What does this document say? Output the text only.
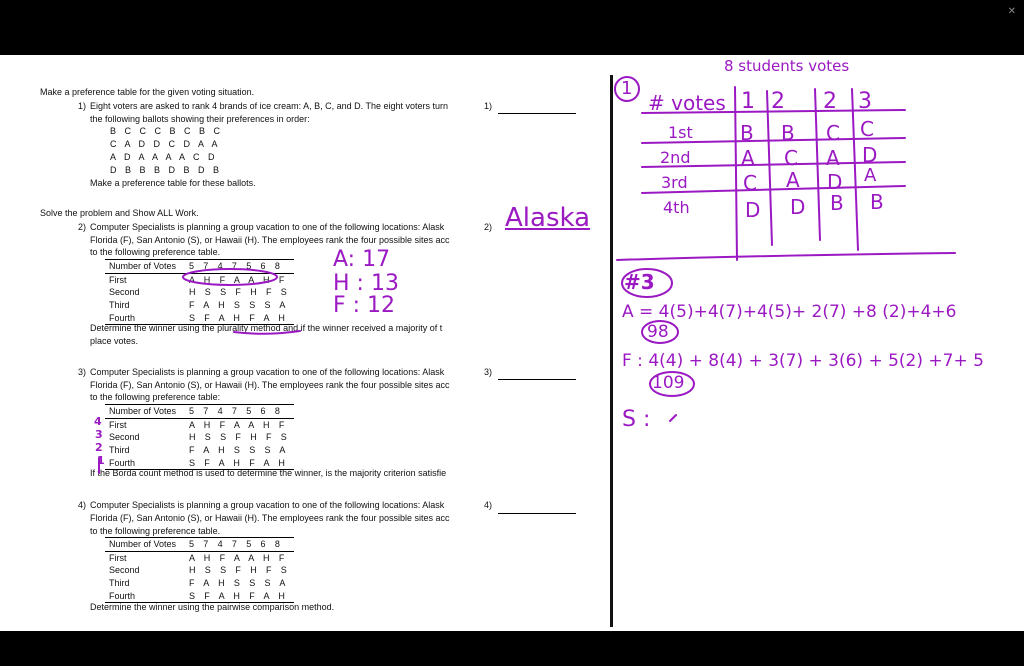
✕
Make a preference table for the given voting situation.
1) Eight voters are asked to rank 4 brands of ice cream: A, B, C, and D. The eight voters turn
the following ballots showing their preferences in order:
B C C C B C B C
C A D D C D A A
A D A A A A C D
D B B B D B D B
Make a preference table for these ballots.
1)
Solve the problem and Show ALL Work.
2) Computer Specialists is planning a group vacation to one of the following locations: Alask
Florida (F), San Antonio (S), or Hawaii (H). The employees rank the four possible sites acc
to the following preference table.
Number of Votes	5 7 4 7 5 6 8
First	A H F A A H F
Second	H S S F H F S
Third	F A H S S S A
Fourth	S F A H F A H
Determine the winner using the plurality method and if the winner received a majority of t
place votes.
2)
3) Computer Specialists is planning a group vacation to one of the following locations: Alask
Florida (F), San Antonio (S), or Hawaii (H). The employees rank the four possible sites acc
to the following preference table:
Number of Votes	5 7 4 7 5 6 8
First	A H F A A H F
Second	H S S F H F S
Third	F A H S S S A
Fourth	S F A H F A H
If the Borda count method is used to determine the winner, is the majority criterion satisfie
3)
4) Computer Specialists is planning a group vacation to one of the following locations: Alask
Florida (F), San Antonio (S), or Hawaii (H). The employees rank the four possible sites acc
to the following preference table.
Number of Votes	5 7 4 7 5 6 8
First	A H F A A H F
Second	H S S F H F S
Third	F A H S S S A
Fourth	S F A H F A H
Determine the winner using the pairwise comparison method.
4)
Alaska
A: 17
H : 13
F : 12
4
3
2
1
8 students votes
1
# votes 1 2 2 3
1st B B C C
2nd	A C A D
3rd	C A D A
4th	D D B B
#3
A = 4(5)+4(7)+4(5)+ 2(7) +8 (2)+4+6
98
F : 4(4) + 8(4) + 3(7) + 3(6) + 5(2) +7+ 5
109
S :
